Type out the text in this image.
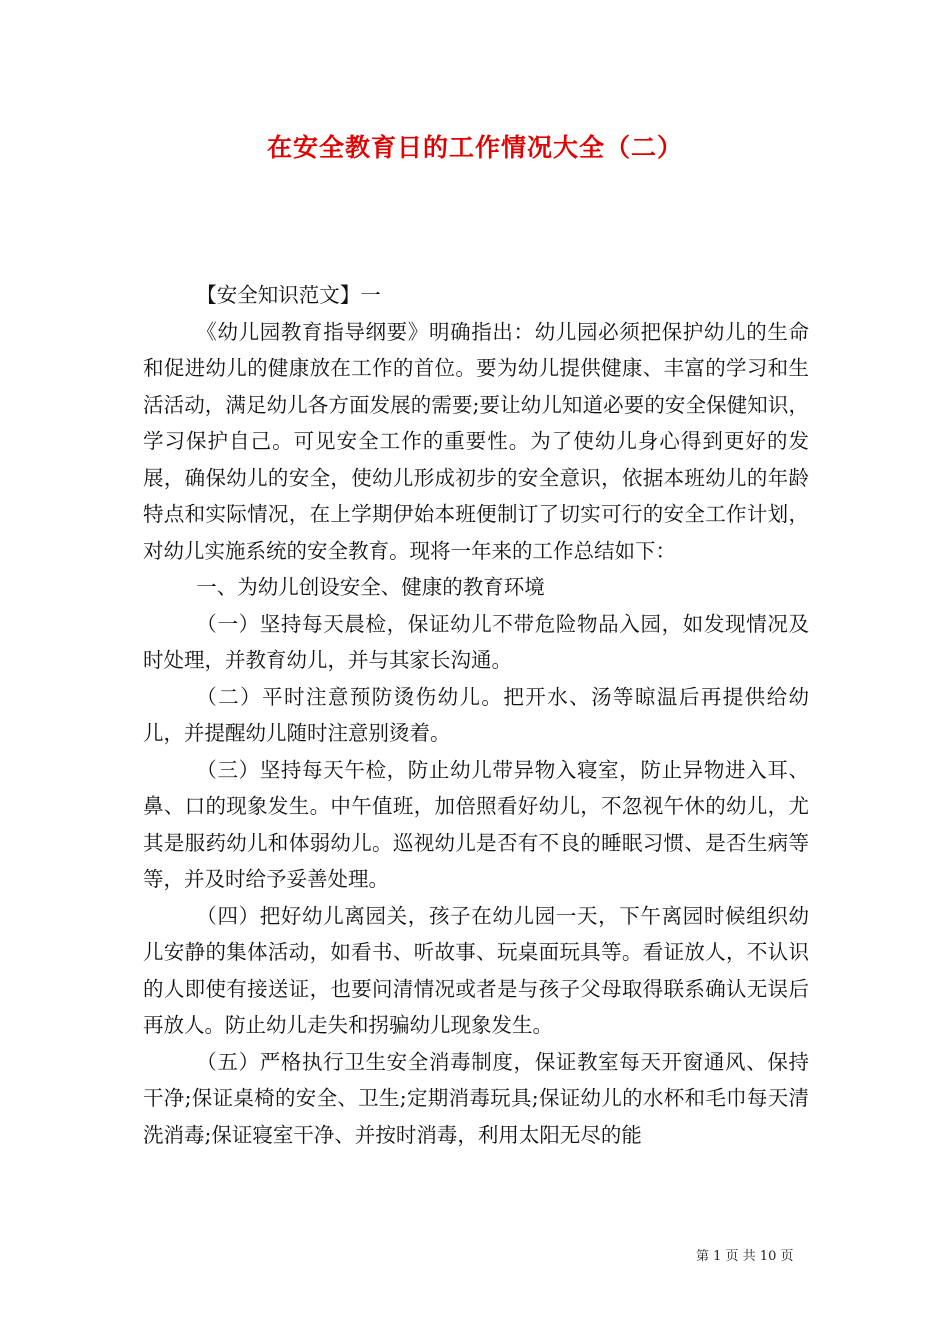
在安全教育日的工作情况大全（二）

【安全知识范文】一

《幼儿园教育指导纲要》明确指出：幼儿园必须把保护幼儿的生命和促进幼儿的健康放在工作的首位。要为幼儿提供健康、丰富的学习和生活活动，满足幼儿各方面发展的需要;要让幼儿知道必要的安全保健知识，学习保护自己。可见安全工作的重要性。为了使幼儿身心得到更好的发展，确保幼儿的安全，使幼儿形成初步的安全意识，依据本班幼儿的年龄特点和实际情况，在上学期伊始本班便制订了切实可行的安全工作计划，对幼儿实施系统的安全教育。现将一年来的工作总结如下：

一、为幼儿创设安全、健康的教育环境

（一）坚持每天晨检，保证幼儿不带危险物品入园，如发现情况及时处理，并教育幼儿，并与其家长沟通。

（二）平时注意预防烫伤幼儿。把开水、汤等晾温后再提供给幼儿，并提醒幼儿随时注意别烫着。

（三）坚持每天午检，防止幼儿带异物入寝室，防止异物进入耳、鼻、口的现象发生。中午值班，加倍照看好幼儿，不忽视午休的幼儿，尤其是服药幼儿和体弱幼儿。巡视幼儿是否有不良的睡眠习惯、是否生病等等，并及时给予妥善处理。

（四）把好幼儿离园关，孩子在幼儿园一天，下午离园时候组织幼儿安静的集体活动，如看书、听故事、玩桌面玩具等。看证放人，不认识的人即使有接送证，也要问清情况或者是与孩子父母取得联系确认无误后再放人。防止幼儿走失和拐骗幼儿现象发生。

（五）严格执行卫生安全消毒制度，保证教室每天开窗通风、保持干净;保证桌椅的安全、卫生;定期消毒玩具;保证幼儿的水杯和毛巾每天清洗消毒;保证寝室干净、并按时消毒，利用太阳无尽的能

第 1 页 共 10 页
